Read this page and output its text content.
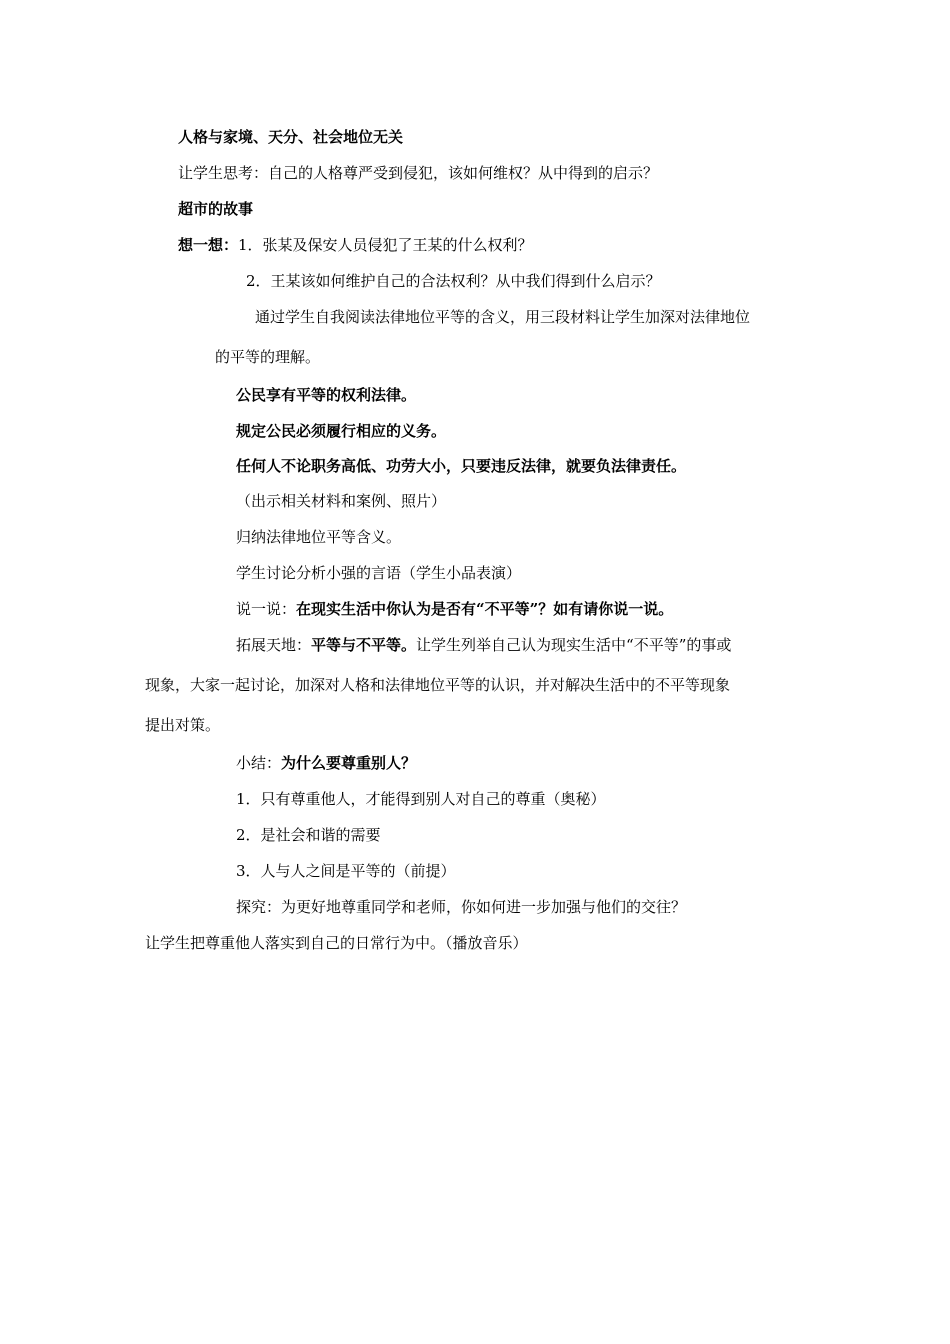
人格与家境、天分、社会地位无关
让学生思考：自己的人格尊严受到侵犯，该如何维权？从中得到的启示？
超市的故事
想一想：1．张某及保安人员侵犯了王某的什么权利？
2．王某该如何维护自己的合法权利？从中我们得到什么启示？
通过学生自我阅读法律地位平等的含义，用三段材料让学生加深对法律地位
的平等的理解。
公民享有平等的权利法律。
规定公民必须履行相应的义务。
任何人不论职务高低、功劳大小，只要违反法律，就要负法律责任。
（出示相关材料和案例、照片）
归纳法律地位平等含义。
学生讨论分析小强的言语（学生小品表演）
说一说：在现实生活中你认为是否有“不平等”？如有请你说一说。
拓展天地：平等与不平等。让学生列举自己认为现实生活中“不平等”的事或
现象，大家一起讨论，加深对人格和法律地位平等的认识，并对解决生活中的不平等现象
提出对策。
小结：为什么要尊重别人？
1．只有尊重他人，才能得到别人对自己的尊重（奥秘）
2．是社会和谐的需要
3．人与人之间是平等的（前提）
探究：为更好地尊重同学和老师，你如何进一步加强与他们的交往？
让学生把尊重他人落实到自己的日常行为中。（播放音乐）
